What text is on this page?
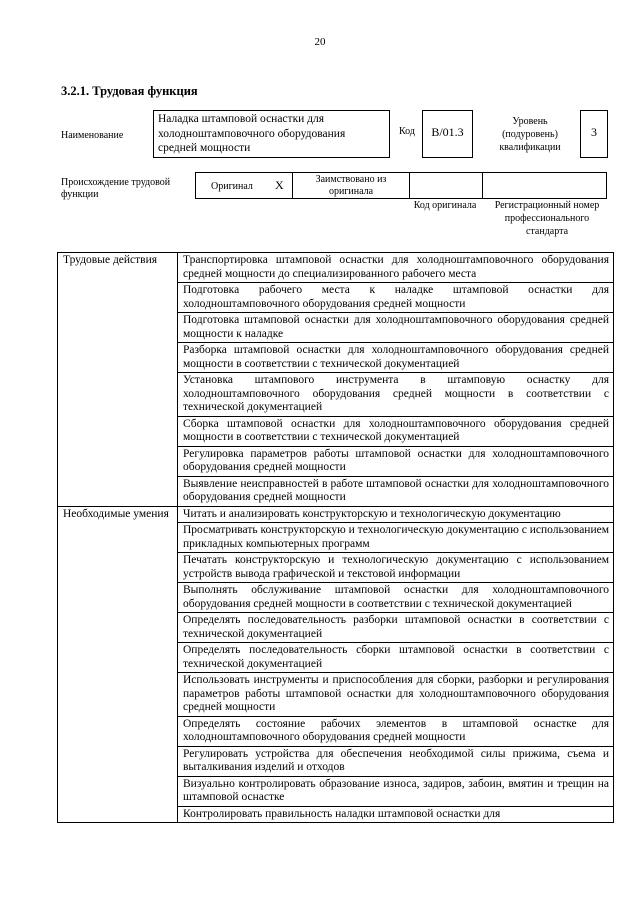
20
3.2.1. Трудовая функция
Наименование
Наладка штамповой оснастки для холодноштамповочного оборудования средней мощности
Код	В/01.3
Уровень (подуровень) квалификации
3
Происхождение трудовой функции
Оригинал X	Заимствовано из оригинала
Код оригинала	Регистрационный номер профессионального стандарта
Трудовые действия	Транспортировка штамповой оснастки для холодноштамповочного оборудования средней мощности до специализированного рабочего места
	Подготовка рабочего места к наладке штамповой оснастки для холодноштамповочного оборудования средней мощности
	Подготовка штамповой оснастки для холодноштамповочного оборудования средней мощности к наладке
	Разборка штамповой оснастки для холодноштамповочного оборудования средней мощности в соответствии с технической документацией
	Установка штампового инструмента в штамповую оснастку для холодноштамповочного оборудования средней мощности в соответствии с технической документацией
	Сборка штамповой оснастки для холодноштамповочного оборудования средней мощности в соответствии с технической документацией
	Регулировка параметров работы штамповой оснастки для холодноштамповочного оборудования средней мощности
	Выявление неисправностей в работе штамповой оснастки для холодноштамповочного оборудования средней мощности
Необходимые умения	Читать и анализировать конструкторскую и технологическую документацию
	Просматривать конструкторскую и технологическую документацию с использованием прикладных компьютерных программ
	Печатать конструкторскую и технологическую документацию с использованием устройств вывода графической и текстовой информации
	Выполнять обслуживание штамповой оснастки для холодноштамповочного оборудования средней мощности в соответствии с технической документацией
	Определять последовательность разборки штамповой оснастки в соответствии с технической документацией
	Определять последовательность сборки штамповой оснастки в соответствии с технической документацией
	Использовать инструменты и приспособления для сборки, разборки и регулирования параметров работы штамповой оснастки для холодноштамповочного оборудования средней мощности
	Определять состояние рабочих элементов в штамповой оснастке для холодноштамповочного оборудования средней мощности
	Регулировать устройства для обеспечения необходимой силы прижима, съема и выталкивания изделий и отходов
	Визуально контролировать образование износа, задиров, забоин, вмятин и трещин на штамповой оснастке
	Контролировать правильность наладки штамповой оснастки для
